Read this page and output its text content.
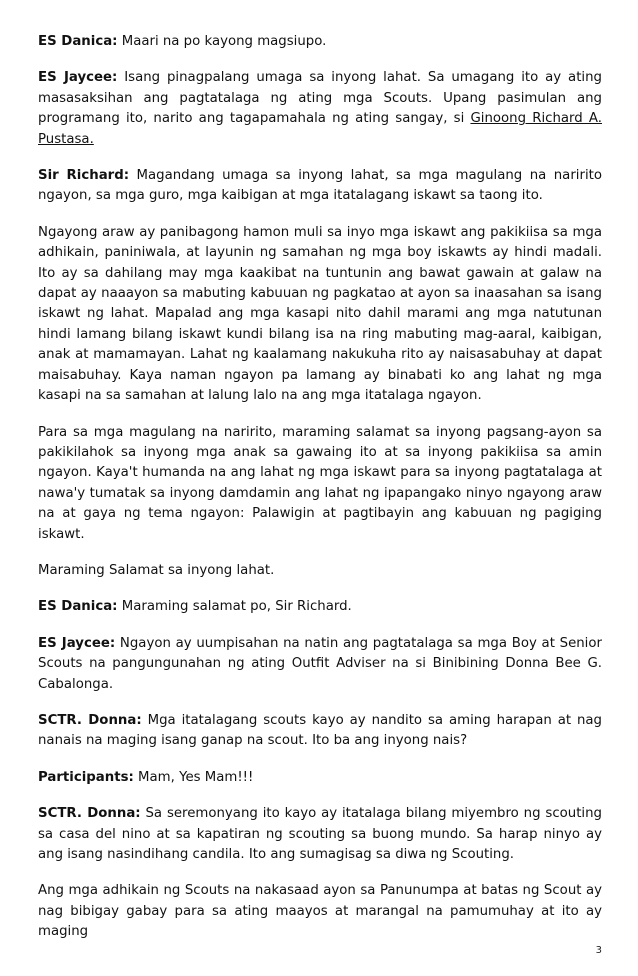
ES Danica: Maari na po kayong magsiupo.

ES Jaycee: Isang pinagpalang umaga sa inyong lahat. Sa umagang ito ay ating masasaksihan ang pagtatalaga ng ating mga Scouts. Upang pasimulan ang programang ito, narito ang tagapamahala ng ating sangay, si Ginoong Richard A. Pustasa.

Sir Richard: Magandang umaga sa inyong lahat, sa mga magulang na naririto ngayon, sa mga guro, mga kaibigan at mga itatalagang iskawt sa taong ito.

Ngayong araw ay panibagong hamon muli sa inyo mga iskawt ang pakikiisa sa mga adhikain, paniniwala, at layunin ng samahan ng mga boy iskawts ay hindi madali. Ito ay sa dahilang may mga kaakibat na tuntunin ang bawat gawain at galaw na dapat ay naaayon sa mabuting kabuuan ng pagkatao at ayon sa inaasahan sa isang iskawt ng lahat. Mapalad ang mga kasapi nito dahil marami ang mga natutunan hindi lamang bilang iskawt kundi bilang isa na ring mabuting mag-aaral, kaibigan, anak at mamamayan. Lahat ng kaalamang nakukuha rito ay naisasabuhay at dapat maisabuhay. Kaya naman ngayon pa lamang ay binabati ko ang lahat ng mga kasapi na sa samahan at lalung lalo na ang mga itatalaga ngayon.

Para sa mga magulang na naririto, maraming salamat sa inyong pagsang-ayon sa pakikilahok sa inyong mga anak sa gawaing ito at sa inyong pakikiisa sa amin ngayon. Kaya't humanda na ang lahat ng mga iskawt para sa inyong pagtatalaga at nawa'y tumatak sa inyong damdamin ang lahat ng ipapangako ninyo ngayong araw na at gaya ng tema ngayon: Palawigin at pagtibayin ang kabuuan ng pagiging iskawt.

Maraming Salamat sa inyong lahat.

ES Danica: Maraming salamat po, Sir Richard.

ES Jaycee: Ngayon ay uumpisahan na natin ang pagtatalaga sa mga Boy at Senior Scouts na pangungunahan ng ating Outfit Adviser na si Binibining Donna Bee G. Cabalonga.

SCTR. Donna: Mga itatalagang scouts kayo ay nandito sa aming harapan at nag nanais na maging isang ganap na scout. Ito ba ang inyong nais?

Participants: Mam, Yes Mam!!!

SCTR. Donna: Sa seremonyang ito kayo ay itatalaga bilang miyembro ng scouting sa casa del nino at sa kapatiran ng scouting sa buong mundo. Sa harap ninyo ay ang isang nasindihang candila. Ito ang sumagisag sa diwa ng Scouting.

Ang mga adhikain ng Scouts na nakasaad ayon sa Panunumpa at batas ng Scout ay nag bibigay gabay para sa ating maayos at marangal na pamumuhay at ito ay maging

3
